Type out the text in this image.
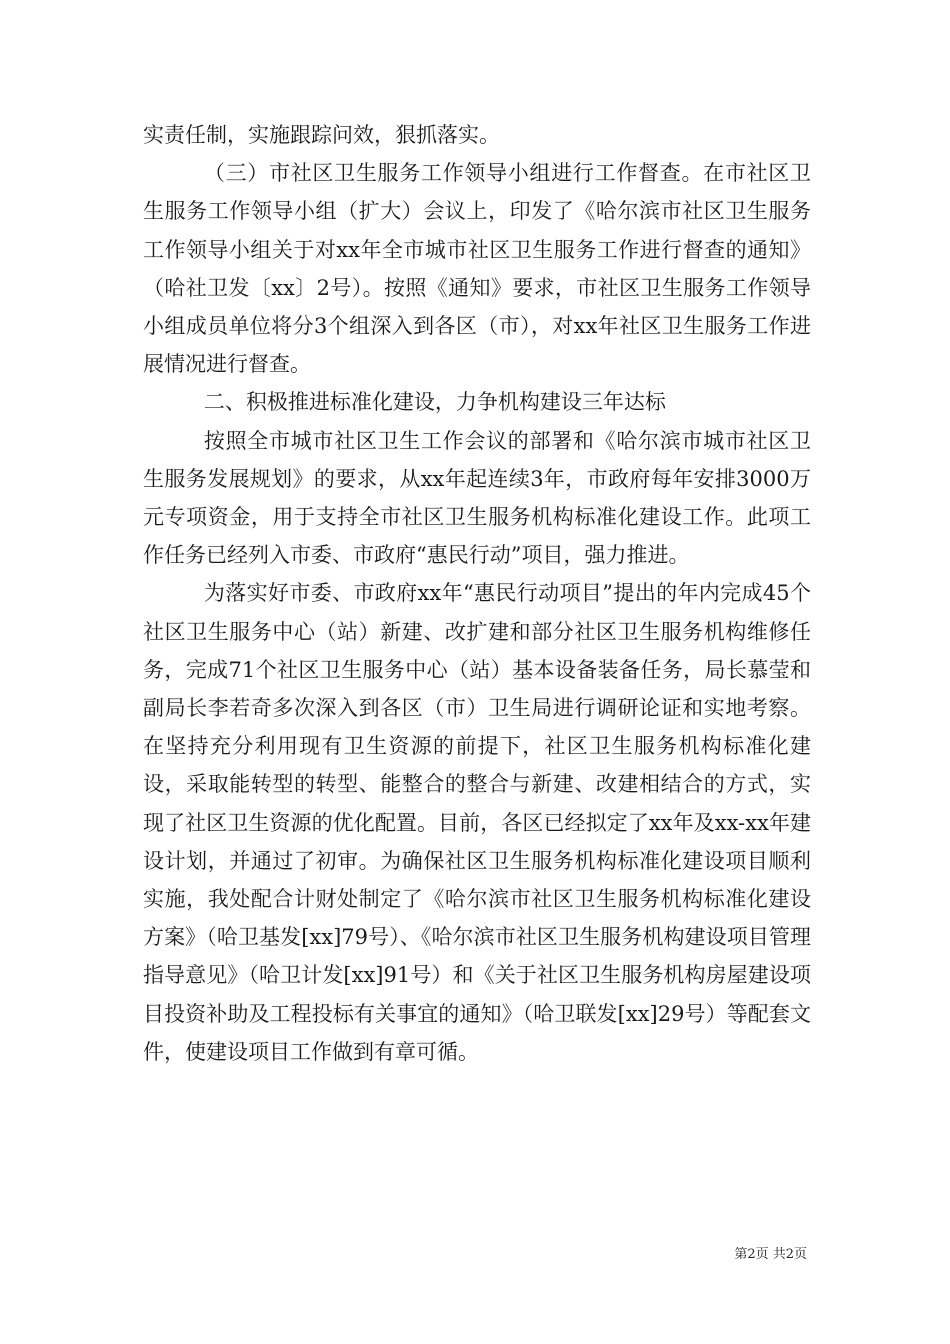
实责任制，实施跟踪问效，狠抓落实。

（三）市社区卫生服务工作领导小组进行工作督查。在市社区卫生服务工作领导小组（扩大）会议上，印发了《哈尔滨市社区卫生服务工作领导小组关于对xx年全市城市社区卫生服务工作进行督查的通知》（哈社卫发〔xx〕2号）。按照《通知》要求，市社区卫生服务工作领导小组成员单位将分3个组深入到各区（市），对xx年社区卫生服务工作进展情况进行督查。

二、积极推进标准化建设，力争机构建设三年达标

按照全市城市社区卫生工作会议的部署和《哈尔滨市城市社区卫生服务发展规划》的要求，从xx年起连续3年，市政府每年安排3000万元专项资金，用于支持全市社区卫生服务机构标准化建设工作。此项工作任务已经列入市委、市政府“惠民行动”项目，强力推进。

为落实好市委、市政府xx年“惠民行动项目”提出的年内完成45个社区卫生服务中心（站）新建、改扩建和部分社区卫生服务机构维修任务，完成71个社区卫生服务中心（站）基本设备装备任务，局长慕莹和副局长李若奇多次深入到各区（市）卫生局进行调研论证和实地考察。在坚持充分利用现有卫生资源的前提下，社区卫生服务机构标准化建设，采取能转型的转型、能整合的整合与新建、改建相结合的方式，实现了社区卫生资源的优化配置。目前，各区已经拟定了xx年及xx-xx年建设计划，并通过了初审。为确保社区卫生服务机构标准化建设项目顺利实施，我处配合计财处制定了《哈尔滨市社区卫生服务机构标准化建设方案》（哈卫基发[xx]79号）、《哈尔滨市社区卫生服务机构建设项目管理指导意见》（哈卫计发[xx]91号）和《关于社区卫生服务机构房屋建设项目投资补助及工程投标有关事宜的通知》（哈卫联发[xx]29号）等配套文件，使建设项目工作做到有章可循。

第2页 共2页
